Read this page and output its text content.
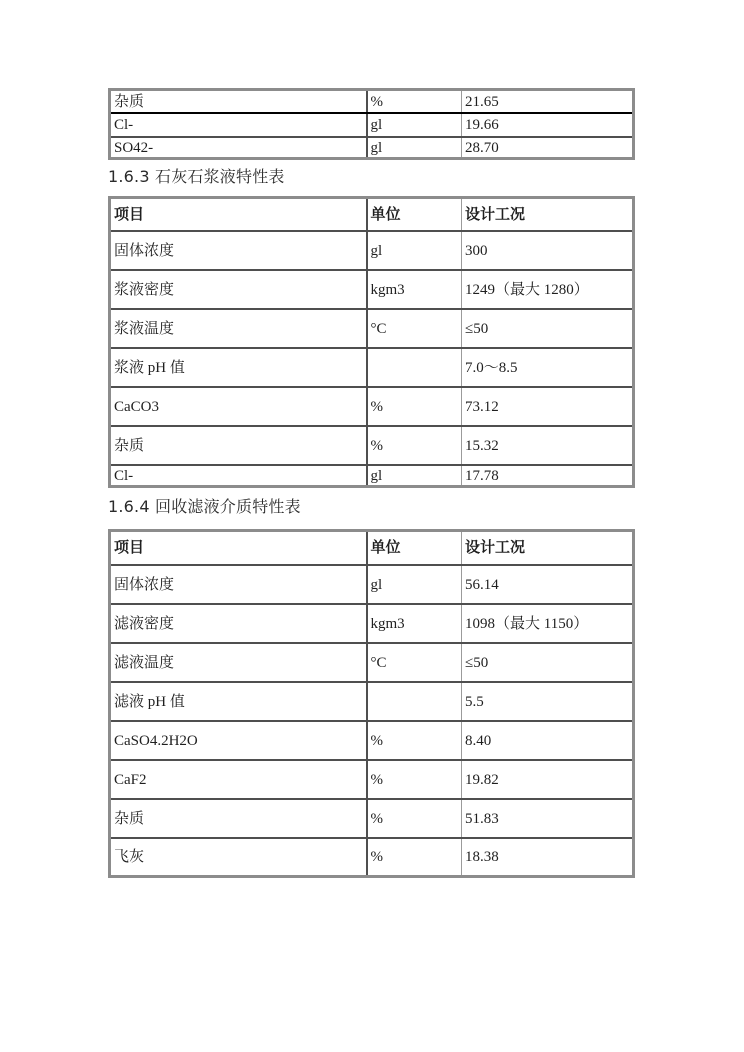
杂质	%	21.65
Cl-	gl	19.66
SO42-	gl	28.70
1.6.3 石灰石浆液特性表
项目	单位	设计工况
固体浓度	gl	300
浆液密度	kgm3	1249（最大 1280）
浆液温度	°C	≤50
浆液 pH 值		7.0～8.5
CaCO3	%	73.12
杂质	%	15.32
Cl-	gl	17.78
1.6.4 回收滤液介质特性表
项目	单位	设计工况
固体浓度	gl	56.14
滤液密度	kgm3	1098（最大 1150）
滤液温度	°C	≤50
滤液 pH 值		5.5
CaSO4.2H2O	%	8.40
CaF2	%	19.82
杂质	%	51.83
飞灰	%	18.38
